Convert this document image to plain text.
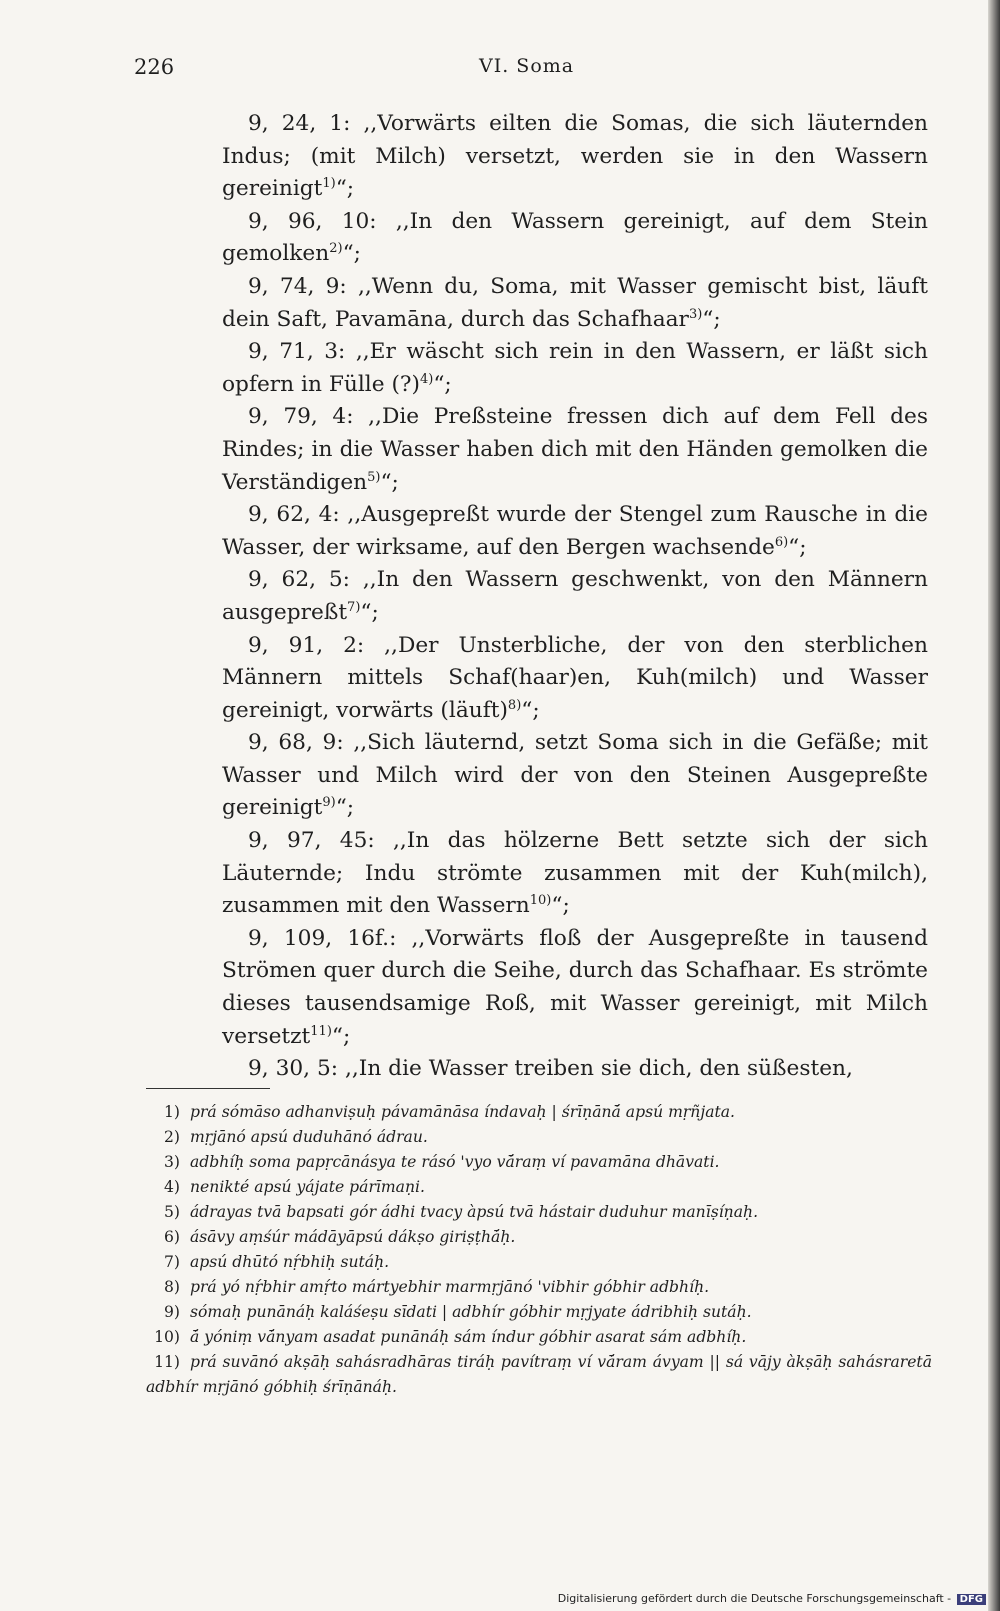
226	VI. Soma

9, 24, 1: ,,Vorwärts eilten die Somas, die sich läuternden Indus; (mit Milch) versetzt, werden sie in den Wassern gereinigt$^{1)}$“;

9, 96, 10: ,,In den Wassern gereinigt, auf dem Stein gemolken$^{2)}$“;

9, 74, 9: ,,Wenn du, Soma, mit Wasser gemischt bist, läuft dein Saft, Pavamāna, durch das Schafhaar$^{3)}$“;

9, 71, 3: ,,Er wäscht sich rein in den Wassern, er läßt sich opfern in Fülle (?)$^{4)}$“;

9, 79, 4: ,,Die Preßsteine fressen dich auf dem Fell des Rindes; in die Wasser haben dich mit den Händen gemolken die Verständigen$^{5)}$“;

9, 62, 4: ,,Ausgepreßt wurde der Stengel zum Rausche in die Wasser, der wirksame, auf den Bergen wachsende$^{6)}$“;

9, 62, 5: ,,In den Wassern geschwenkt, von den Männern ausgepreßt$^{7)}$“;

9, 91, 2: ,,Der Unsterbliche, der von den sterblichen Männern mittels Schaf(haar)en, Kuh(milch) und Wasser gereinigt, vorwärts (läuft)$^{8)}$“;

9, 68, 9: ,,Sich läuternd, setzt Soma sich in die Gefäße; mit Wasser und Milch wird der von den Steinen Ausgepreßte gereinigt$^{9)}$“;

9, 97, 45: ,,In das hölzerne Bett setzte sich der sich Läuternde; Indu strömte zusammen mit der Kuh(milch), zusammen mit den Wassern$^{10)}$“;

9, 109, 16f.: ,,Vorwärts floß der Ausgepreßte in tausend Strömen quer durch die Seihe, durch das Schafhaar. Es strömte dieses tausendsamige Roß, mit Wasser gereinigt, mit Milch versetzt$^{11)}$“;

9, 30, 5: ,,In die Wasser treiben sie dich, den süßesten,

1) prá sómāso adhanviṣuḥ pávamānāsa índavaḥ | śrīṇānā́ apsú mṛñjata.

2) mṛjānó apsú duduhānó ádrau.

3) adbhíḥ soma papṛcānásya te rásó 'vyo vā́raṃ ví pavamāna dhāvati.

4) nenikté apsú yájate párīmaṇi.

5) ádrayas tvā bapsati gór ádhi tvacy àpsú tvā hástair duduhur manīṣíṇaḥ.

6) ásāvy aṃśúr mádāyāpsú dákṣo giriṣṭhā́ḥ.

7) apsú dhūtó nṛ́bhiḥ sutáḥ.

8) prá yó nṛ́bhir amṛ́to mártyebhir marmṛjānó 'vibhir góbhir adbhíḥ.

9) sómaḥ punānáḥ kaláśeṣu sīdati | adbhír góbhir mṛjyate ádribhiḥ sutáḥ.

10) ā́ yóniṃ vā́nyam asadat punānáḥ sám índur góbhir asarat sám adbhíḥ.

11) prá suvānó akṣāḥ sahásradhāras tiráḥ pavítraṃ ví vā́ram ávyam || sá vājy àkṣāḥ sahásraretā adbhír mṛjānó góbhiḥ śrīṇānáḥ.

Digitalisierung gefördert durch die Deutsche Forschungsgemeinschaft - DFG
